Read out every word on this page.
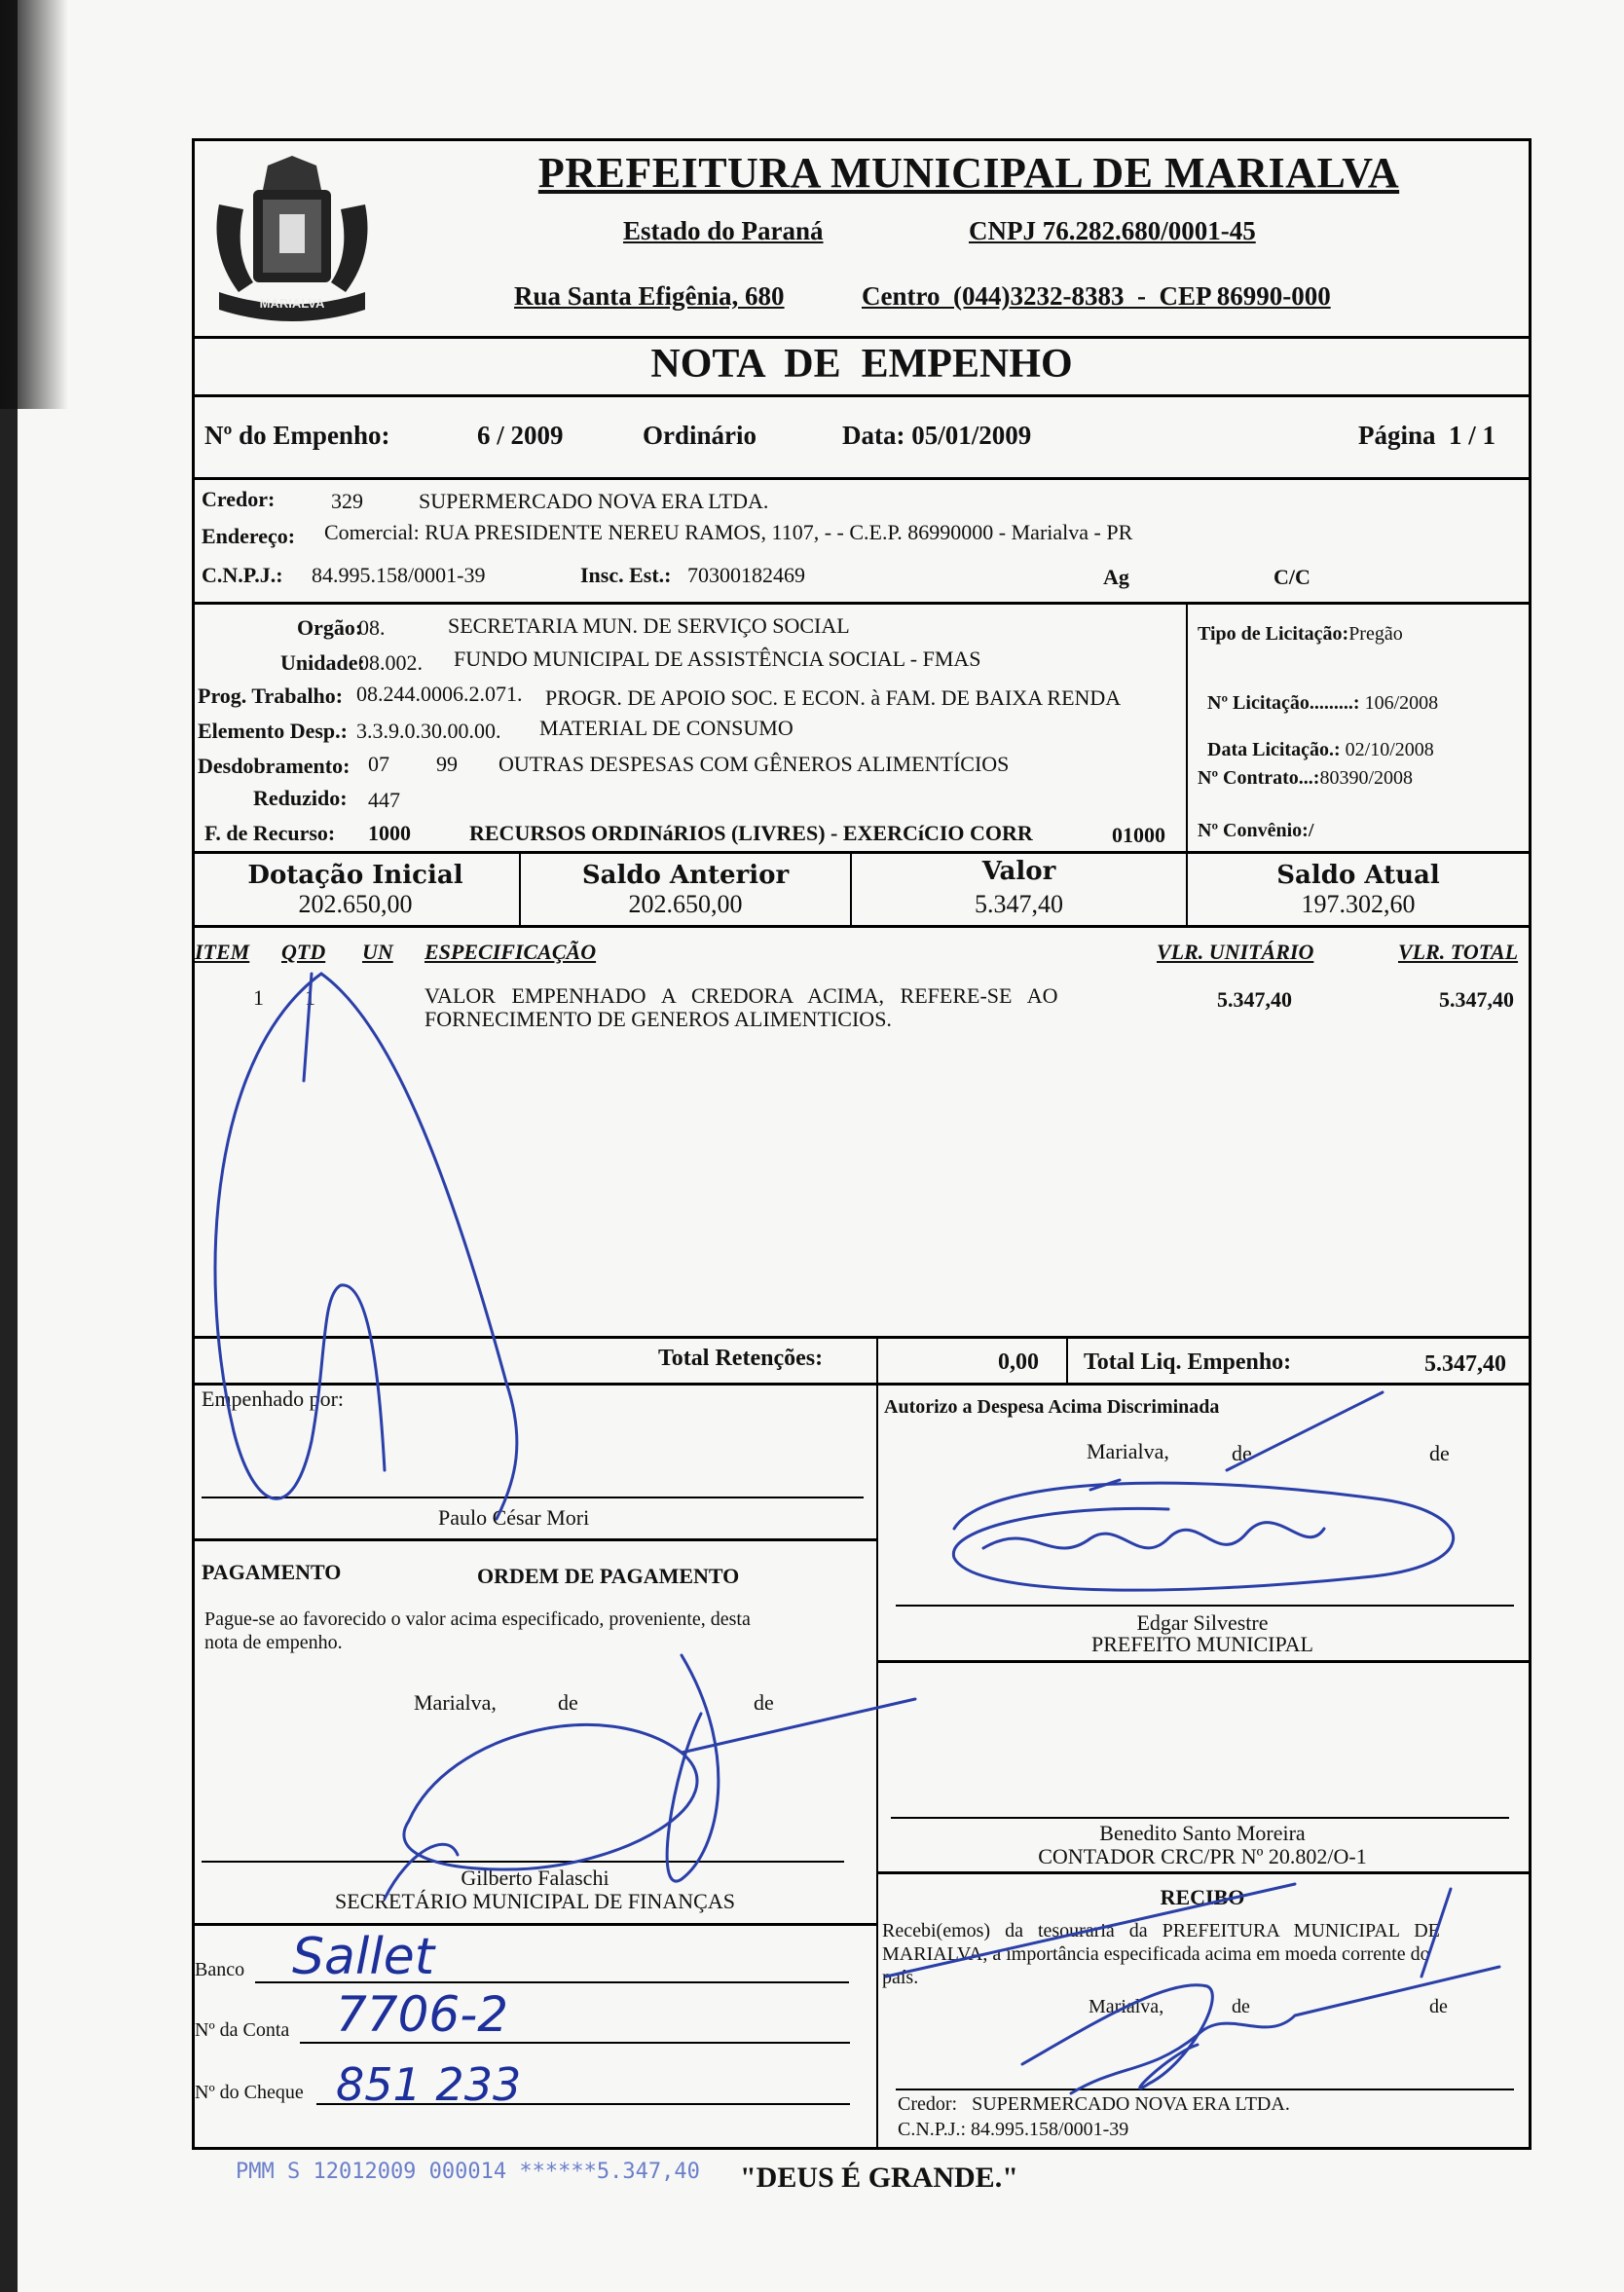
MARIALVA
PREFEITURA MUNICIPAL DE MARIALVA
Estado do Paraná	CNPJ 76.282.680/0001-45
Rua Santa Efigênia, 680	Centro  (044)3232-8383  -  CEP 86990-000
NOTA  DE  EMPENHO
Nº do Empenho:	6 / 2009	Ordinário	Data: 05/01/2009	Página  1 / 1
Credor:	329	SUPERMERCADO NOVA ERA LTDA.
Endereço: Comercial: RUA PRESIDENTE NEREU RAMOS, 1107, - - C.E.P. 86990000 - Marialva - PR
C.N.P.J.: 84.995.158/0001-39	Insc. Est.: 70300182469	Ag	C/C
Orgão:
08.	SECRETARIA MUN. DE SERVIÇO SOCIAL
Unidade:
08.002. FUNDO MUNICIPAL DE ASSISTÊNCIA SOCIAL - FMAS
Prog. Trabalho: 08.244.0006.2.071. PROGR. DE APOIO SOC. E ECON. à FAM. DE BAIXA RENDA
Elemento Desp.: 3.3.9.0.30.00.00. MATERIAL DE CONSUMO
Desdobramento: 07 99 OUTRAS DESPESAS COM GÊNEROS ALIMENTÍCIOS
Reduzido: 447
F. de Recurso: 1000	RECURSOS ORDINáRIOS (LIVRES) - EXERCíCIO CORR	01000
Tipo de Licitação:Pregão

Nº Licitação.........: 106/2008

Data Licitação.: 02/10/2008

Nº Contrato...:80390/2008
Nº Convênio:/
Dotação Inicial
202.650,00
Saldo Anterior
202.650,00
Valor
5.347,40
Saldo Atual
197.302,60
ITEM QTD UN ESPECIFICAÇÃO	VLR. UNITÁRIO	VLR. TOTAL
1 1	VALOR   EMPENHADO   A   CREDORA   ACIMA,   REFERE-SE   AO
FORNECIMENTO DE GENEROS ALIMENTICIOS.
5.347,40	5.347,40
Total Retenções:	0,00 Total Liq. Empenho:	5.347,40
Empenhado por:
Paulo César Mori
Autorizo a Despesa Acima Discriminada
Marialva,	de	de
Edgar Silvestre
PREFEITO MUNICIPAL
PAGAMENTO	ORDEM DE PAGAMENTO
Pague-se ao favorecido o valor acima especificado, proveniente, desta
nota de empenho.
Marialva,	de	de
Gilberto Falaschi
SECRETÁRIO MUNICIPAL DE FINANÇAS
Benedito Santo Moreira
CONTADOR CRC/PR Nº 20.802/O-1
Banco Sallet
Nº da Conta 7706-2
Nº do Cheque 851 233
RECIBO
Recebi(emos)   da   tesouraria   da   PREFEITURA   MUNICIPAL   DE
MARIALVA, a importância especificada acima em moeda corrente do
país.
Marialva,	de	de
Credor:   SUPERMERCADO NOVA ERA LTDA.
C.N.P.J.: 84.995.158/0001-39
PMM S 12012009 000014 ******5.347,40 "DEUS É GRANDE."
